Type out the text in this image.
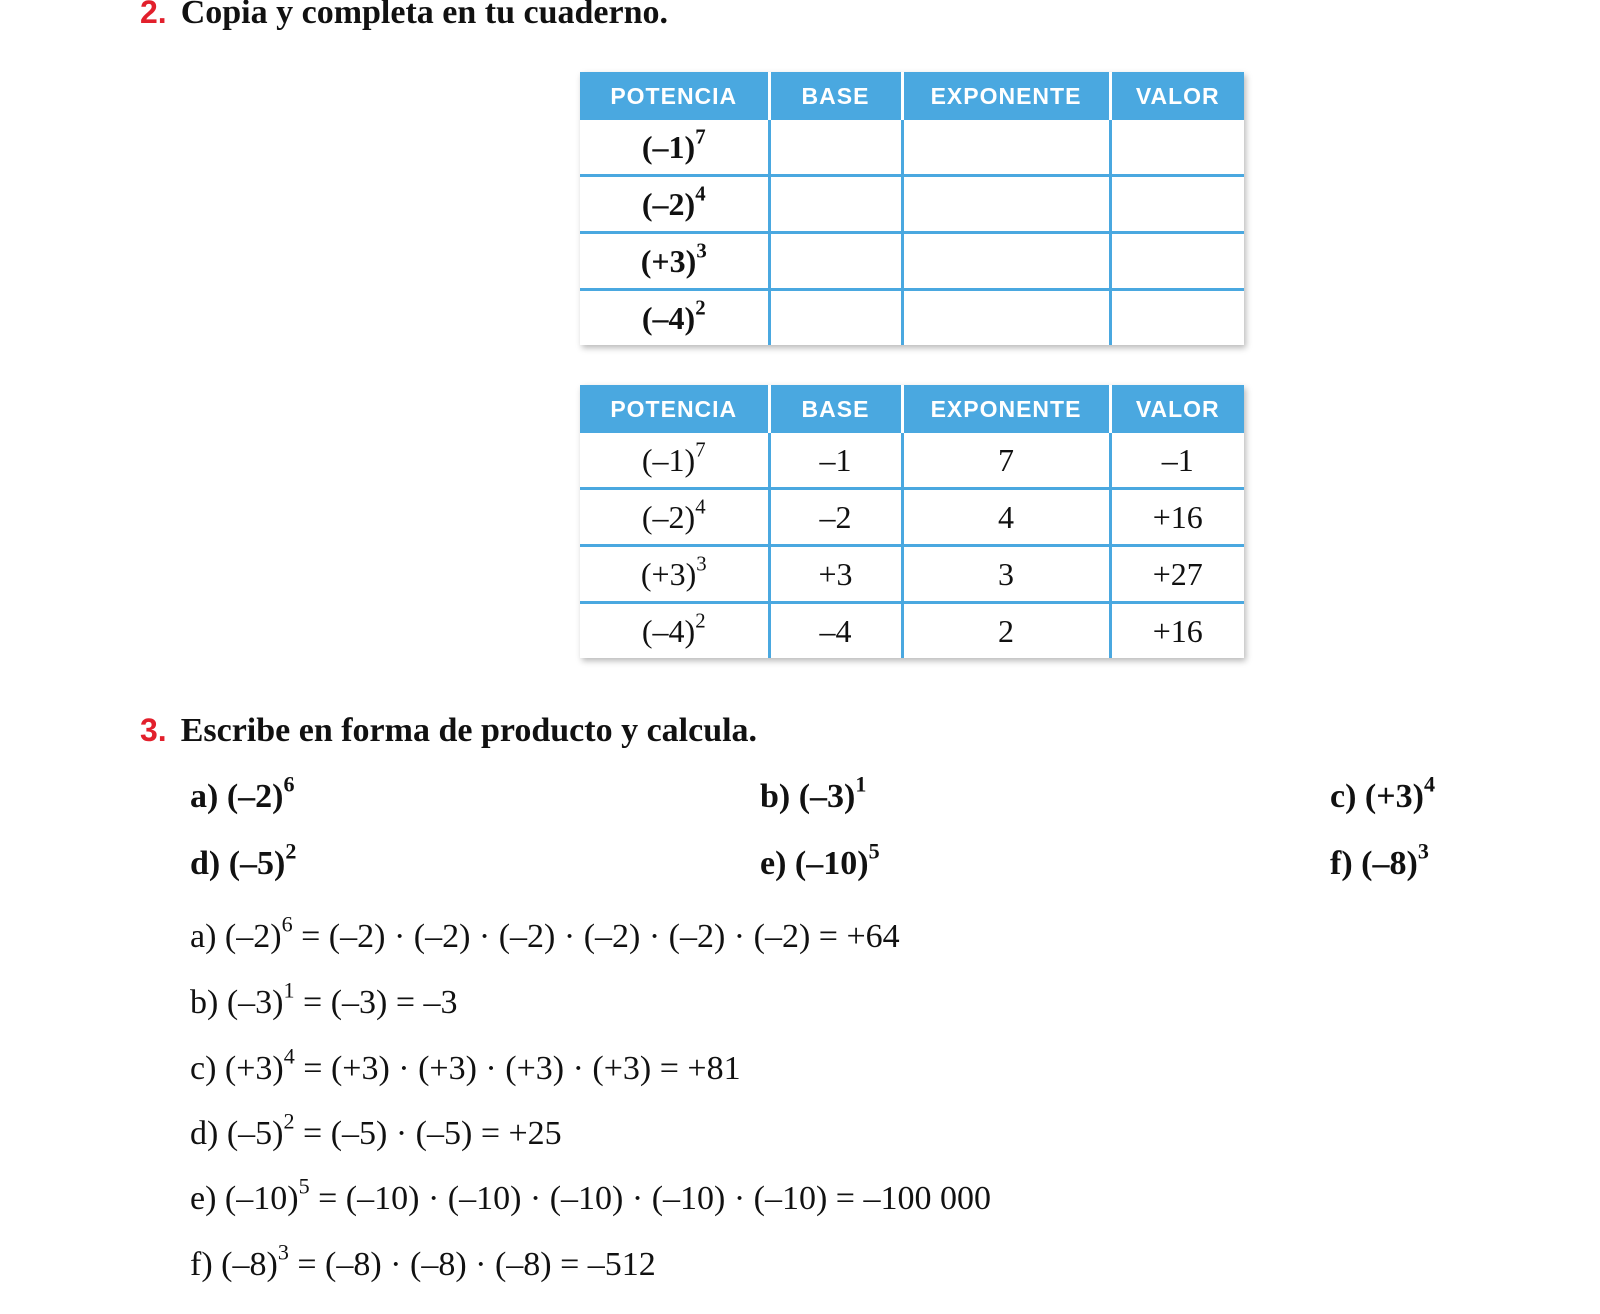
2. Copia y completa en tu cuaderno.
POTENCIA	BASE	EXPONENTE	VALOR
$(-1)^7$			
$(-2)^4$			
$(+3)^3$			
$(-4)^2$			
POTENCIA	BASE	EXPONENTE	VALOR
$(-1)^7$	–1	7	–1
$(-2)^4$	–2	4	+16
$(+3)^3$	+3	3	+27
$(-4)^2$	–4	2	+16
3. Escribe en forma de producto y calcula.
a) $(-2)^6$	b) $(-3)^1$	c) $(+3)^4$
d) $(-5)^2$	e) $(-10)^5$	f) $(-8)^3$
a) $(-2)^6 = (-2) \cdot (-2) \cdot (-2) \cdot (-2) \cdot (-2) \cdot (-2) = +64$
b) $(-3)^1 = (-3) = -3$
c) $(+3)^4 = (+3) \cdot (+3) \cdot (+3) \cdot (+3) = +81$
d) $(-5)^2 = (-5) \cdot (-5) = +25$
e) $(-10)^5 = (-10) \cdot (-10) \cdot (-10) \cdot (-10) \cdot (-10) = -100$ 000
f) $(-8)^3 = (-8) \cdot (-8) \cdot (-8) = -512$
